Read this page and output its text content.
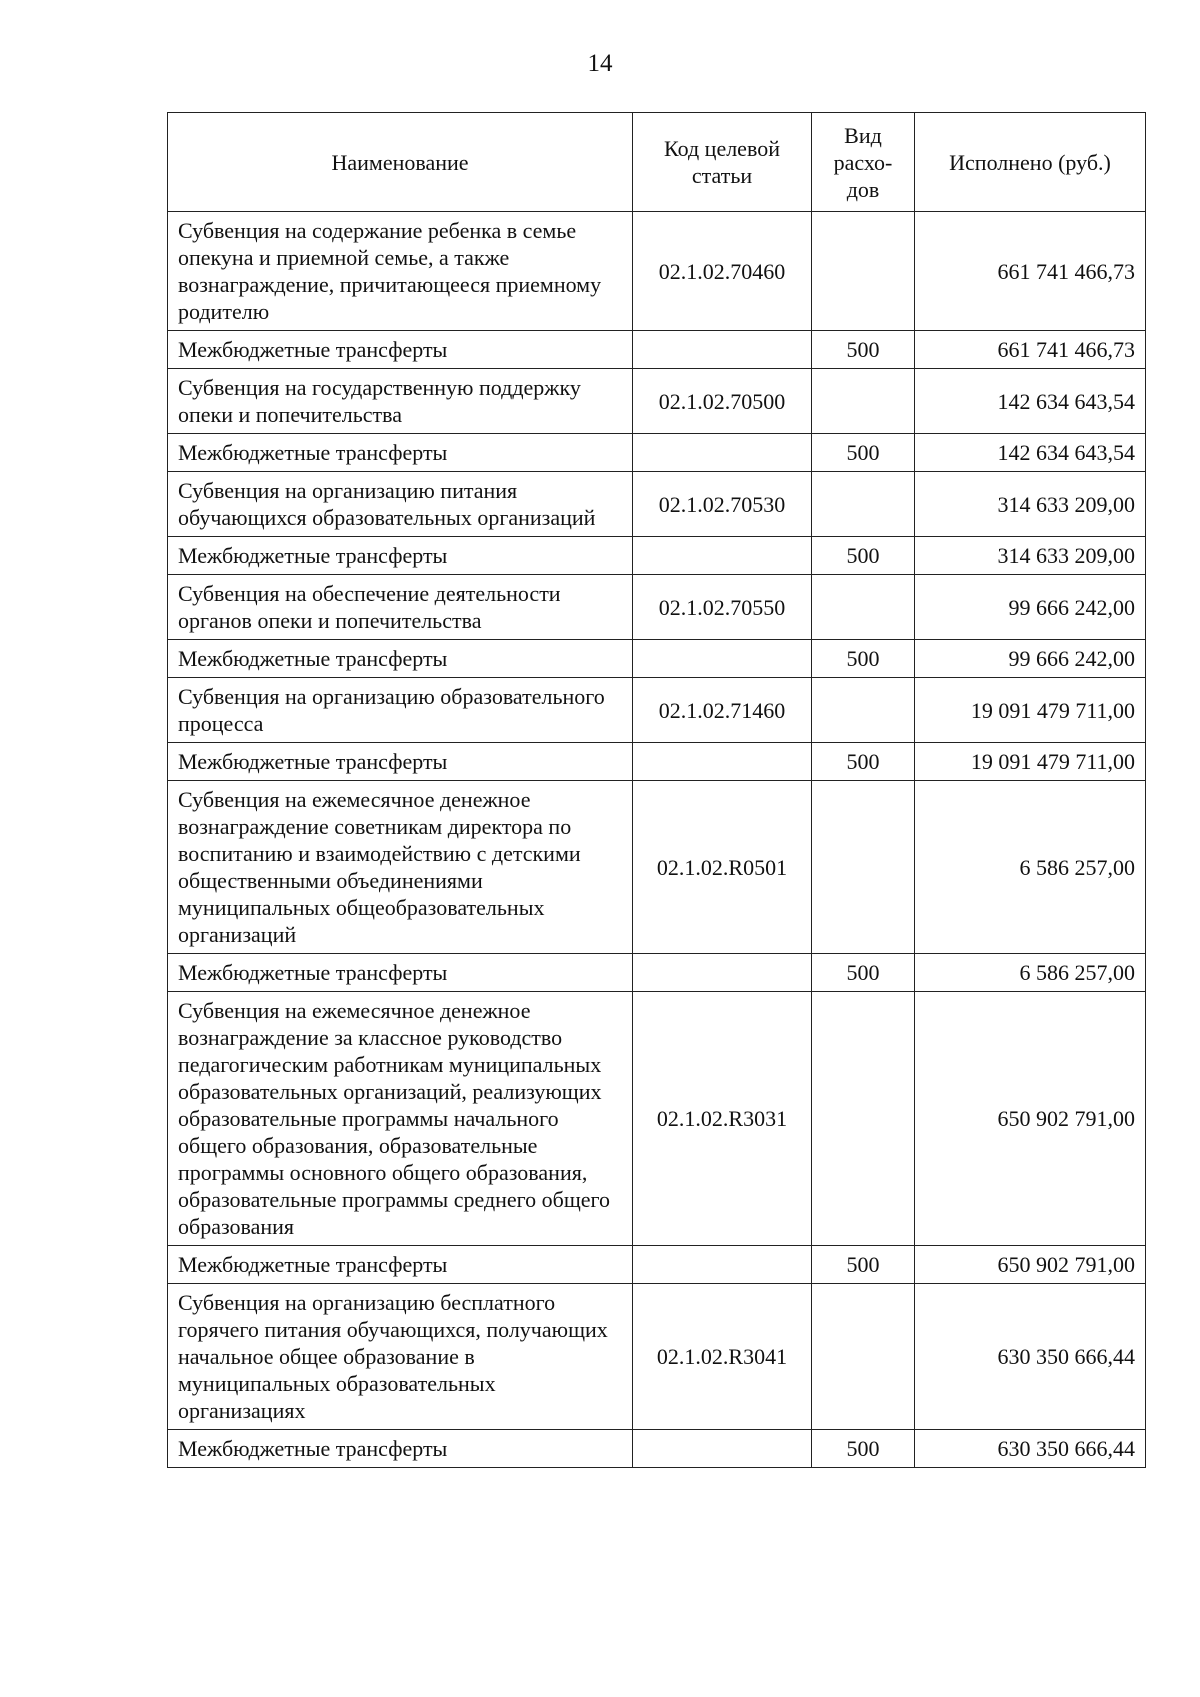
14
Наименование	Код целевой статьи	Вид расхо-дов	Исполнено (руб.)
Субвенция на содержание ребенка в семье опекуна и приемной семье, а также вознаграждение, причитающееся приемному родителю	02.1.02.70460		661 741 466,73
Межбюджетные трансферты		500	661 741 466,73
Субвенция на государственную поддержку опеки и попечительства	02.1.02.70500		142 634 643,54
Межбюджетные трансферты		500	142 634 643,54
Субвенция на организацию питания обучающихся образовательных организаций	02.1.02.70530		314 633 209,00
Межбюджетные трансферты		500	314 633 209,00
Субвенция на обеспечение деятельности органов опеки и попечительства	02.1.02.70550		99 666 242,00
Межбюджетные трансферты		500	99 666 242,00
Субвенция на организацию образовательного процесса	02.1.02.71460		19 091 479 711,00
Межбюджетные трансферты		500	19 091 479 711,00
Субвенция на ежемесячное денежное вознаграждение советникам директора по воспитанию и взаимодействию с детскими общественными объединениями муниципальных общеобразовательных организаций	02.1.02.R0501		6 586 257,00
Межбюджетные трансферты		500	6 586 257,00
Субвенция на ежемесячное денежное вознаграждение за классное руководство педагогическим работникам муниципальных образовательных организаций, реализующих образовательные программы начального общего образования, образовательные программы основного общего образования, образовательные программы среднего общего образования	02.1.02.R3031		650 902 791,00
Межбюджетные трансферты		500	650 902 791,00
Субвенция на организацию бесплатного горячего питания обучающихся, получающих начальное общее образование в муниципальных образовательных организациях	02.1.02.R3041		630 350 666,44
Межбюджетные трансферты		500	630 350 666,44
